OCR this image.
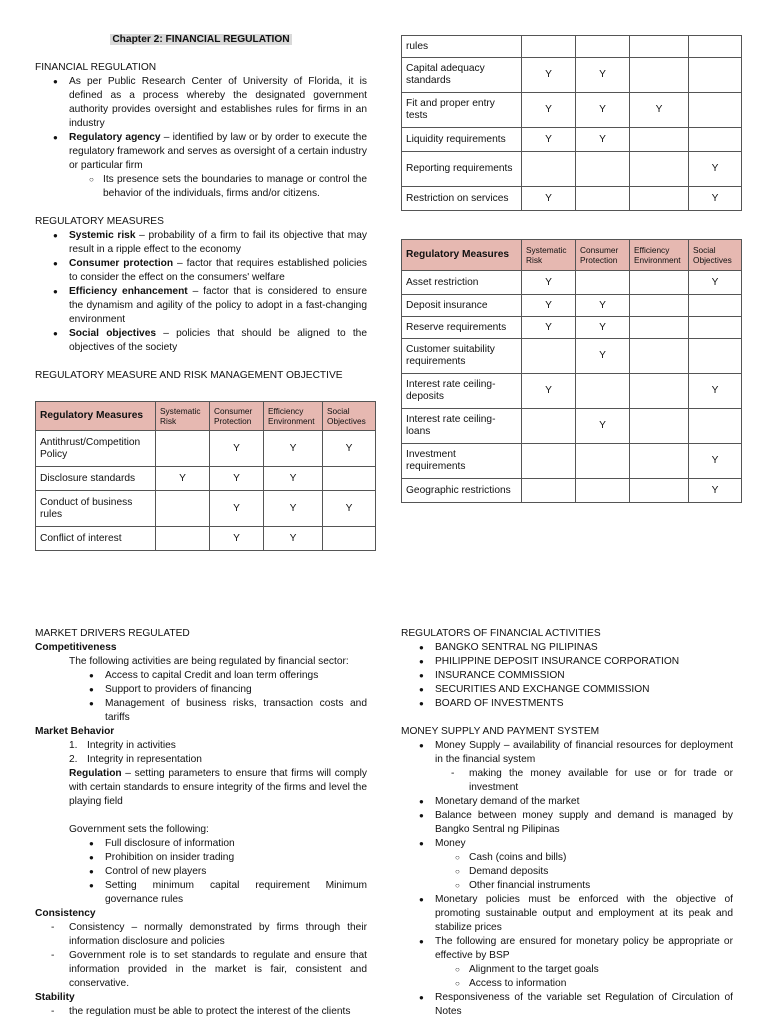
Chapter 2: FINANCIAL REGULATION

FINANCIAL REGULATION

● As per Public Research Center of University of Florida, it is defined as a process whereby the designated government authority provides oversight and establishes rules for firms in an industry
● Regulatory agency – identified by law or by order to execute the regulatory framework and serves as oversight of a certain industry or particular firm
○ Its presence sets the boundaries to manage or control the behavior of the individuals, firms and/or citizens.

REGULATORY MEASURES

● Systemic risk – probability of a firm to fail its objective that may result in a ripple effect to the economy
● Consumer protection – factor that requires established policies to consider the effect on the consumers' welfare
● Efficiency enhancement – factor that is considered to ensure the dynamism and agility of the policy to adopt in a fast-changing environment
● Social objectives – policies that should be aligned to the objectives of the society

REGULATORY MEASURE AND RISK MANAGEMENT OBJECTIVE

Regulatory Measures	Systematic Risk	Consumer Protection	Efficiency Environment	Social Objectives
Antithrust/Competition Policy		Y	Y	Y
Disclosure standards	Y	Y	Y	
Conduct of business rules		Y	Y	Y
Conflict of interest		Y	Y	
rules				
Capital adequacy standards	Y	Y		
Fit and proper entry tests	Y	Y	Y	
Liquidity requirements	Y	Y		
Reporting requirements				Y
Restriction on services	Y			Y
Regulatory Measures	Systematic Risk	Consumer Protection	Efficiency Environment	Social Objectives
Asset restriction	Y			Y
Deposit insurance	Y	Y		
Reserve requirements	Y	Y		
Customer suitability requirements		Y		
Interest rate ceiling-deposits	Y			Y
Interest rate ceiling-loans		Y		
Investment requirements				Y
Geographic restrictions				Y

MARKET DRIVERS REGULATED

Competitiveness

The following activities are being regulated by financial sector:

● Access to capital Credit and loan term offerings
● Support to providers of financing
● Management of business risks, transaction costs and tariffs

Market Behavior

1. Integrity in activities
2. Integrity in representation

Regulation – setting parameters to ensure that firms will comply with certain standards to ensure integrity of the firms and level the playing field

Government sets the following:

● Full disclosure of information
● Prohibition on insider trading
● Control of new players
● Setting minimum capital requirement Minimum governance rules

Consistency

- Consistency – normally demonstrated by firms through their information disclosure and policies
- Government role is to set standards to regulate and ensure that information provided in the market is fair, consistent and conservative.

Stability

- the regulation must be able to protect the interest of the clients

REGULATORS OF FINANCIAL ACTIVITIES

● BANGKO SENTRAL NG PILIPINAS
● PHILIPPINE DEPOSIT INSURANCE CORPORATION
● INSURANCE COMMISSION
● SECURITIES AND EXCHANGE COMMISSION
● BOARD OF INVESTMENTS

MONEY SUPPLY AND PAYMENT SYSTEM

● Money Supply – availability of financial resources for deployment in the financial system
- making the money available for use or for trade or investment
● Monetary demand of the market
● Balance between money supply and demand is managed by Bangko Sentral ng Pilipinas
● Money
○ Cash (coins and bills)
○ Demand deposits
○ Other financial instruments
● Monetary policies must be enforced with the objective of promoting sustainable output and employment at its peak and stabilize prices
● The following are ensured for monetary policy be appropriate or effective by BSP
○ Alignment to the target goals
○ Access to information
● Responsiveness of the variable set Regulation of Circulation of Notes
